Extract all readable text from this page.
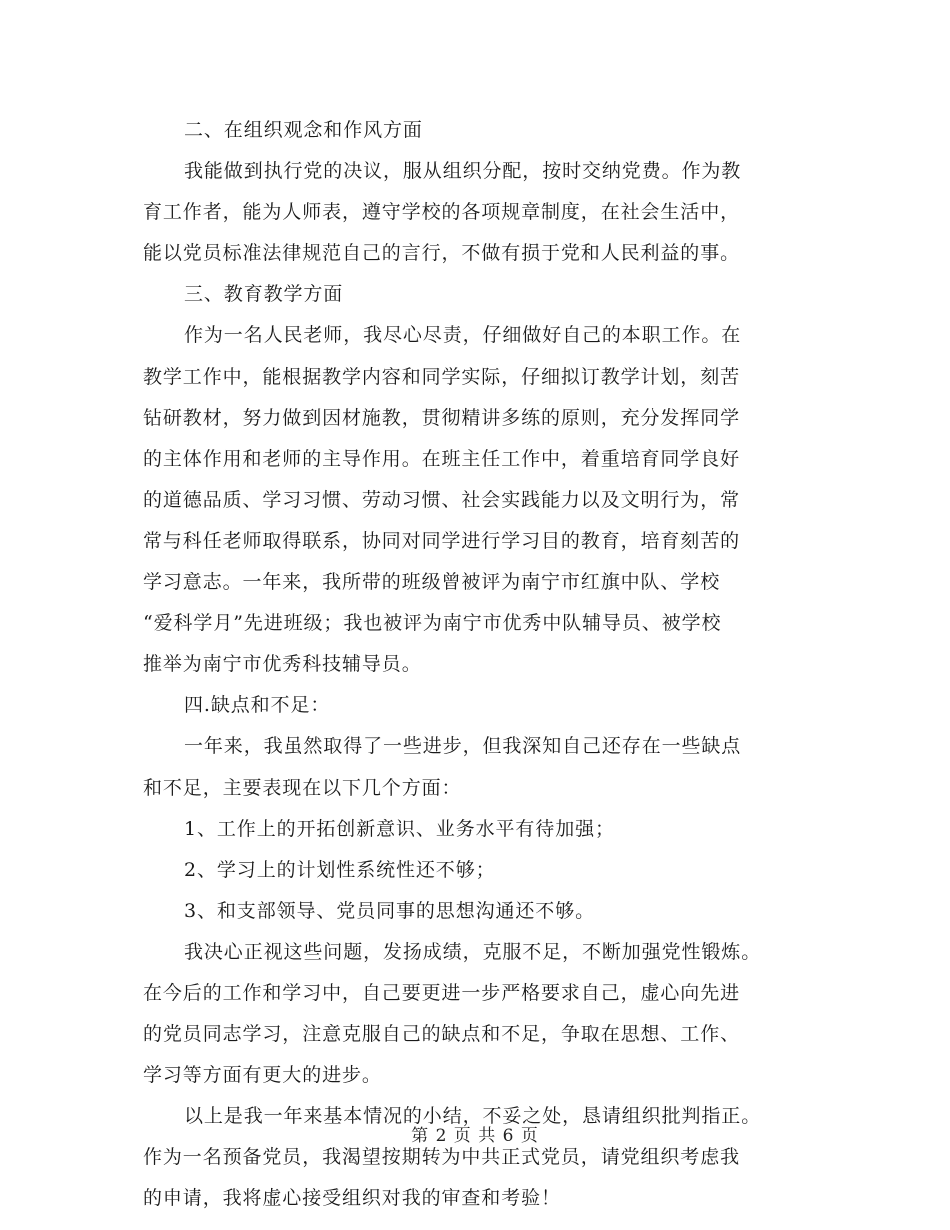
二、在组织观念和作风方面
我能做到执行党的决议，服从组织分配，按时交纳党费。作为教
育工作者，能为人师表，遵守学校的各项规章制度，在社会生活中，
能以党员标准法律规范自己的言行，不做有损于党和人民利益的事。
三、教育教学方面
作为一名人民老师，我尽心尽责，仔细做好自己的本职工作。在
教学工作中，能根据教学内容和同学实际，仔细拟订教学计划，刻苦
钻研教材，努力做到因材施教，贯彻精讲多练的原则，充分发挥同学
的主体作用和老师的主导作用。在班主任工作中，着重培育同学良好
的道德品质、学习习惯、劳动习惯、社会实践能力以及文明行为，常
常与科任老师取得联系，协同对同学进行学习目的教育，培育刻苦的
学习意志。一年来，我所带的班级曾被评为南宁市红旗中队、学校
“爱科学月”先进班级；我也被评为南宁市优秀中队辅导员、被学校
推举为南宁市优秀科技辅导员。
四.缺点和不足：
一年来，我虽然取得了一些进步，但我深知自己还存在一些缺点
和不足，主要表现在以下几个方面：
1、工作上的开拓创新意识、业务水平有待加强；
2、学习上的计划性系统性还不够；
3、和支部领导、党员同事的思想沟通还不够。
我决心正视这些问题，发扬成绩，克服不足，不断加强党性锻炼。
在今后的工作和学习中，自己要更进一步严格要求自己，虚心向先进
的党员同志学习，注意克服自己的缺点和不足，争取在思想、工作、
学习等方面有更大的进步。
以上是我一年来基本情况的小结，不妥之处，恳请组织批判指正。
作为一名预备党员，我渴望按期转为中共正式党员，请党组织考虑我
的申请，我将虚心接受组织对我的审查和考验！
第 2 页 共 6 页
